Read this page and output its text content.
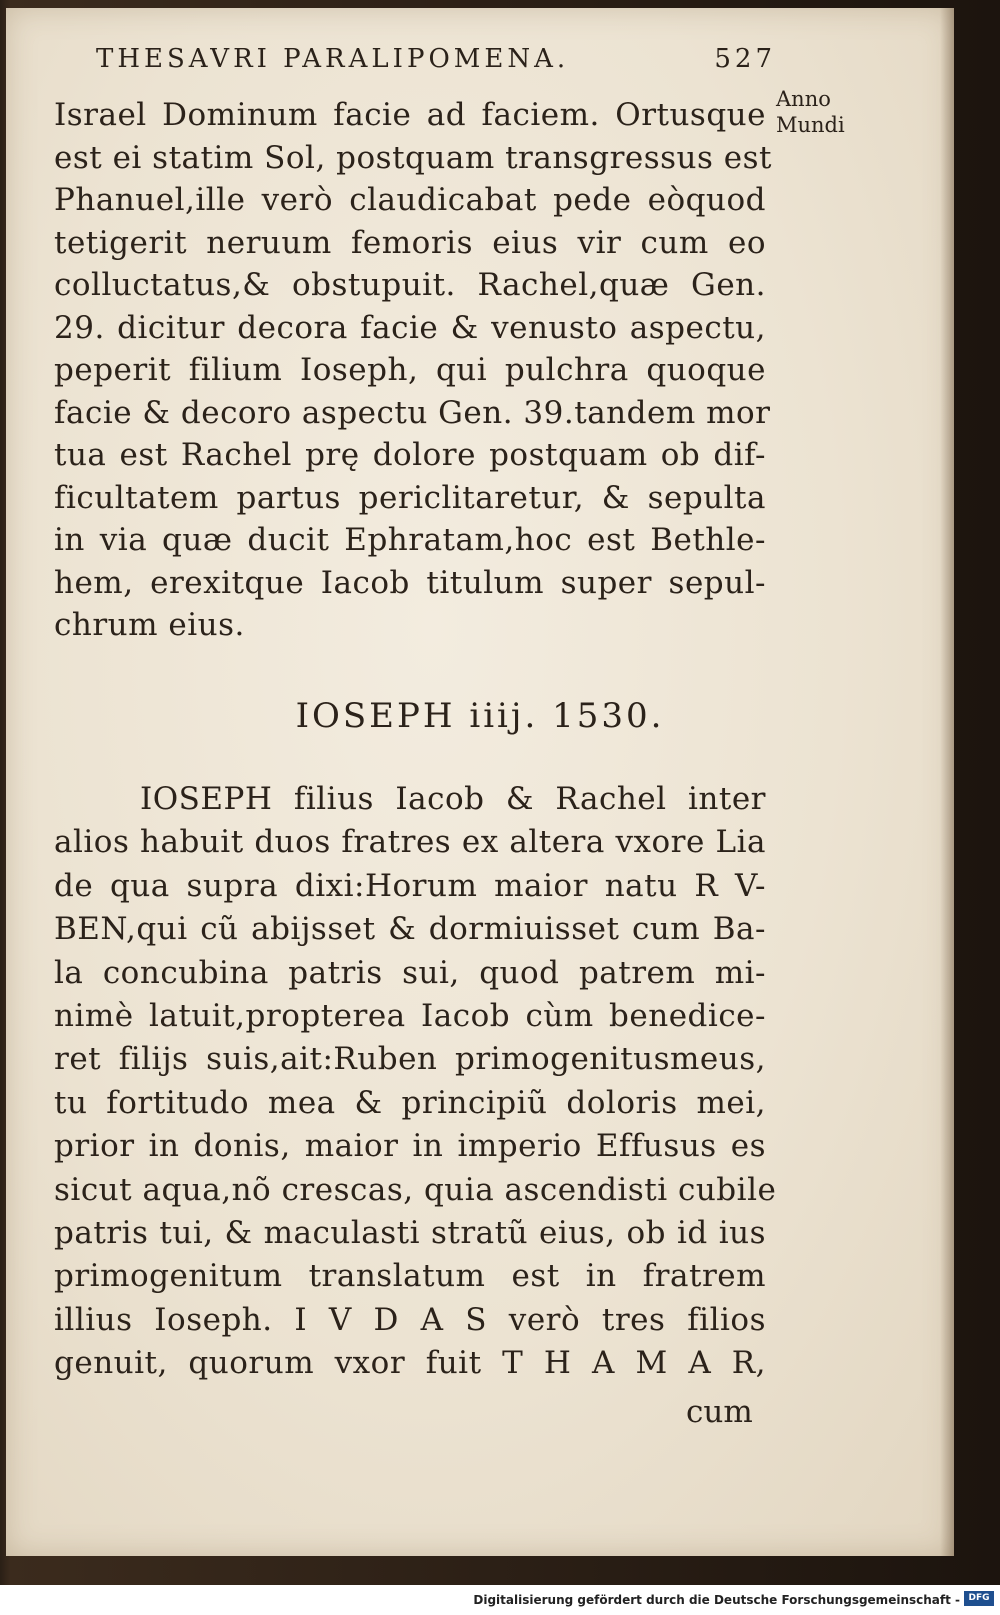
THESAVRI PARALIPOMENA.	527
Anno
Mundi
Israel Dominum facie ad faciem. Ortusque
est ei statim Sol, postquam transgressus est
Phanuel,ille verò claudicabat pede eòquod
tetigerit neruum femoris eius vir cum eo
colluctatus,& obstupuit. Rachel,quæ Gen.
29. dicitur decora facie & venusto aspectu,
peperit filium Ioseph, qui pulchra quoque
facie & decoro aspectu Gen. 39.tandem mor
tua est Rachel prę dolore postquam ob dif-
ficultatem partus periclitaretur, & sepulta
in via quæ ducit Ephratam,hoc est Bethle-
hem, erexitque Iacob titulum super sepul-
chrum eius.
IOSEPH iiij. 1530.
IOSEPH filius Iacob & Rachel inter
alios habuit duos fratres ex altera vxore Lia
de qua supra dixi:Horum maior natu R V-
BEN,qui cũ abijsset & dormiuisset cum Ba-
la concubina patris sui, quod patrem mi-
nimè latuit,propterea Iacob cùm benedice-
ret filijs suis,ait:Ruben primogenitusmeus,
tu fortitudo mea & principiũ doloris mei,
prior in donis, maior in imperio Effusus es
sicut aqua,nõ crescas, quia ascendisti cubile
patris tui, & maculasti stratũ eius, ob id ius
primogenitum translatum est in fratrem
illius Ioseph. I V D A S verò tres filios
genuit, quorum vxor fuit T H A M A R,
cum
Digitalisierung gefördert durch die Deutsche Forschungsgemeinschaft - DFG
